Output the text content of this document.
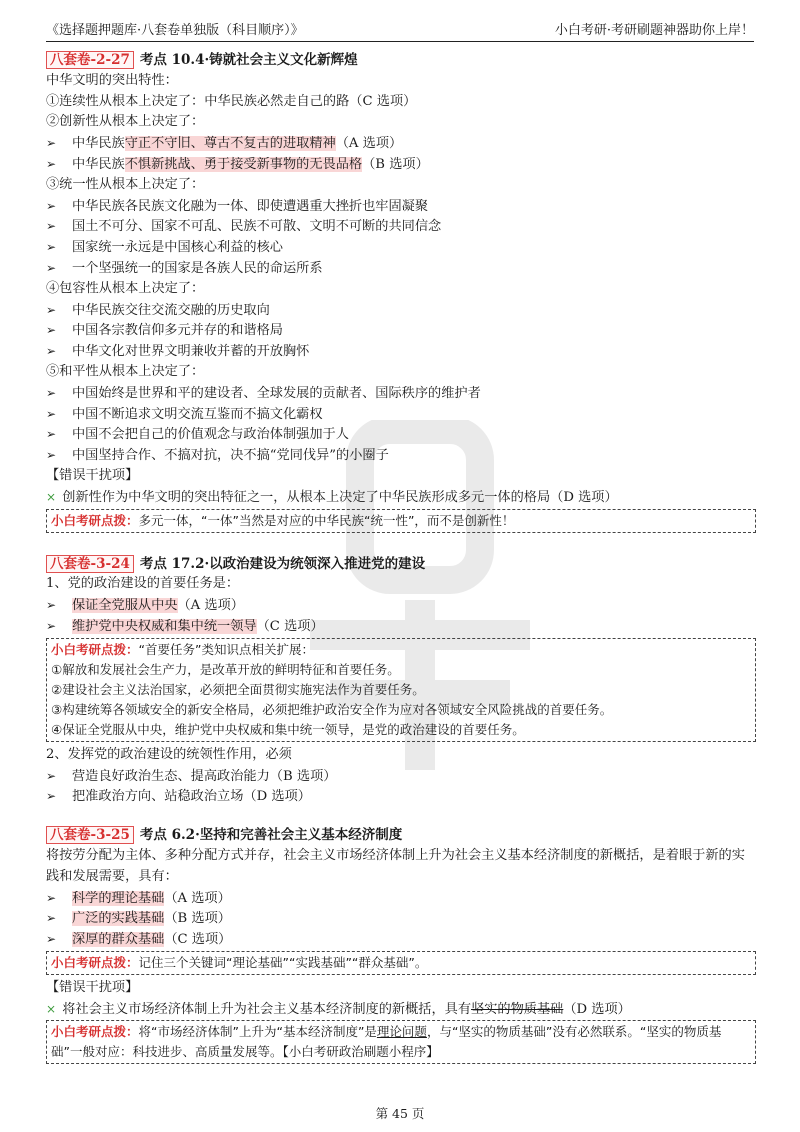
《选择题押题库·八套卷单独版（科目顺序）》	小白考研·考研刷题神器助你上岸！
八套卷-2-27 考点 10.4·铸就社会主义文化新辉煌
中华文明的突出特性：
①连续性从根本上决定了：中华民族必然走自己的路（C 选项）
②创新性从根本上决定了：
➢ 中华民族守正不守旧、尊古不复古的进取精神（A 选项）
➢ 中华民族不惧新挑战、勇于接受新事物的无畏品格（B 选项）
③统一性从根本上决定了：
➢ 中华民族各民族文化融为一体、即使遭遇重大挫折也牢固凝聚
➢ 国土不可分、国家不可乱、民族不可散、文明不可断的共同信念
➢ 国家统一永远是中国核心利益的核心
➢ 一个坚强统一的国家是各族人民的命运所系
④包容性从根本上决定了：
➢ 中华民族交往交流交融的历史取向
➢ 中国各宗教信仰多元并存的和谐格局
➢ 中华文化对世界文明兼收并蓄的开放胸怀
⑤和平性从根本上决定了：
➢ 中国始终是世界和平的建设者、全球发展的贡献者、国际秩序的维护者
➢ 中国不断追求文明交流互鉴而不搞文化霸权
➢ 中国不会把自己的价值观念与政治体制强加于人
➢ 中国坚持合作、不搞对抗，决不搞“党同伐异”的小圈子
【错误干扰项】
× 创新性作为中华文明的突出特征之一，从根本上决定了中华民族形成多元一体的格局（D 选项）
小白考研点拨：多元一体，“一体”当然是对应的中华民族“统一性”，而不是创新性！
八套卷-3-24 考点 17.2·以政治建设为统领深入推进党的建设
1、党的政治建设的首要任务是：
➢ 保证全党服从中央（A 选项）
➢ 维护党中央权威和集中统一领导（C 选项）
小白考研点拨：“首要任务”类知识点相关扩展：
①解放和发展社会生产力，是改革开放的鲜明特征和首要任务。
②建设社会主义法治国家，必须把全面贯彻实施宪法作为首要任务。
③构建统筹各领域安全的新安全格局，必须把维护政治安全作为应对各领域安全风险挑战的首要任务。
④保证全党服从中央，维护党中央权威和集中统一领导，是党的政治建设的首要任务。
2、发挥党的政治建设的统领性作用，必须
➢ 营造良好政治生态、提高政治能力（B 选项）
➢ 把准政治方向、站稳政治立场（D 选项）
八套卷-3-25 考点 6.2·坚持和完善社会主义基本经济制度
将按劳分配为主体、多种分配方式并存，社会主义市场经济体制上升为社会主义基本经济制度的新概括，是着眼于新的实践和发展需要，具有：
➢ 科学的理论基础（A 选项）
➢ 广泛的实践基础（B 选项）
➢ 深厚的群众基础（C 选项）
小白考研点拨：记住三个关键词“理论基础”“实践基础”“群众基础”。
【错误干扰项】
× 将社会主义市场经济体制上升为社会主义基本经济制度的新概括，具有坚实的物质基础（D 选项）
小白考研点拨：将“市场经济体制”上升为“基本经济制度”是理论问题，与“坚实的物质基础”没有必然联系。“坚实的物质基础”一般对应：科技进步、高质量发展等。【小白考研政治刷题小程序】
第 45 页
